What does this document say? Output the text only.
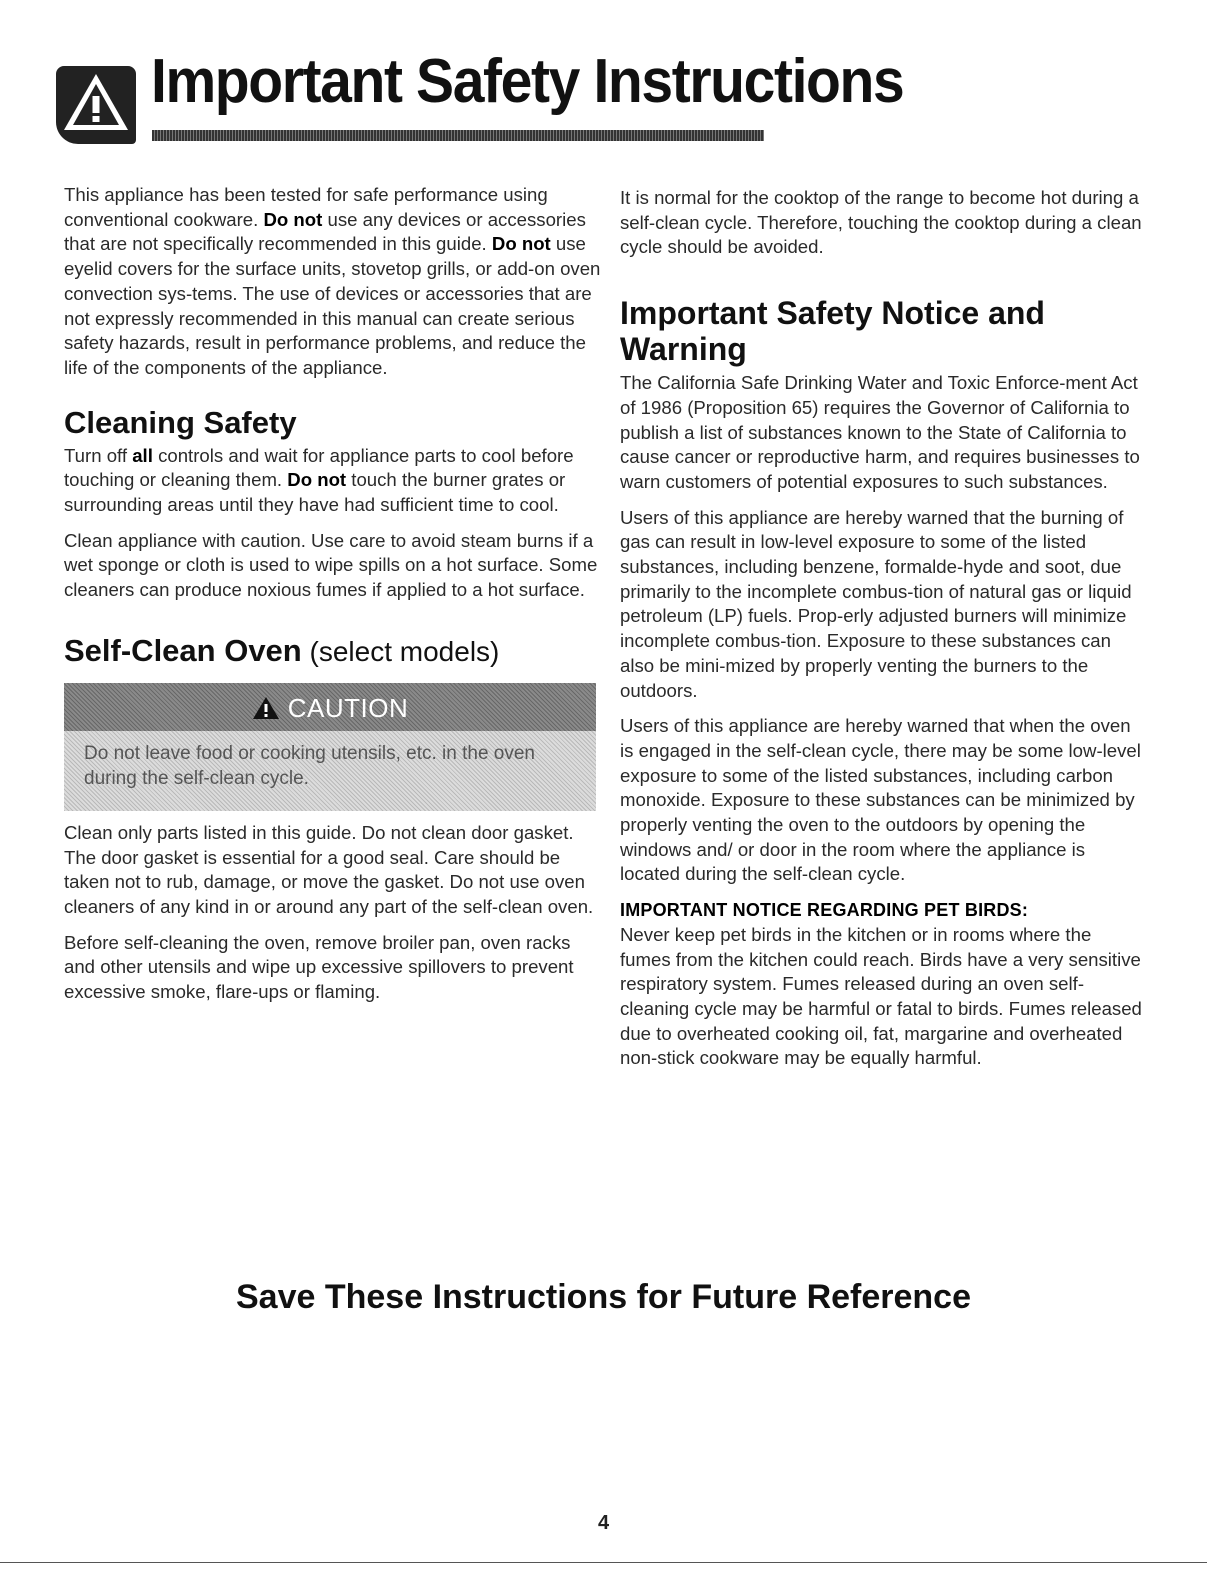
Important Safety Instructions

This appliance has been tested for safe performance using conventional cookware. Do not use any devices or accessories that are not specifically recommended in this guide. Do not use eyelid covers for the surface units, stovetop grills, or add-on oven convection sys-tems. The use of devices or accessories that are not expressly recommended in this manual can create serious safety hazards, result in performance problems, and reduce the life of the components of the appliance.

Cleaning Safety

Turn off all controls and wait for appliance parts to cool before touching or cleaning them. Do not touch the burner grates or surrounding areas until they have had sufficient time to cool.

Clean appliance with caution. Use care to avoid steam burns if a wet sponge or cloth is used to wipe spills on a hot surface. Some cleaners can produce noxious fumes if applied to a hot surface.

Self-Clean Oven (select models)
CAUTION
Do not leave food or cooking utensils, etc. in the oven during the self-clean cycle.

Clean only parts listed in this guide. Do not clean door gasket. The door gasket is essential for a good seal. Care should be taken not to rub, damage, or move the gasket. Do not use oven cleaners of any kind in or around any part of the self-clean oven.

Before self-cleaning the oven, remove broiler pan, oven racks and other utensils and wipe up excessive spillovers to prevent excessive smoke, flare-ups or flaming.

It is normal for the cooktop of the range to become hot during a self-clean cycle. Therefore, touching the cooktop during a clean cycle should be avoided.

Important Safety Notice and Warning

The California Safe Drinking Water and Toxic Enforce-ment Act of 1986 (Proposition 65) requires the Governor of California to publish a list of substances known to the State of California to cause cancer or reproductive harm, and requires businesses to warn customers of potential exposures to such substances.

Users of this appliance are hereby warned that the burning of gas can result in low-level exposure to some of the listed substances, including benzene, formalde-hyde and soot, due primarily to the incomplete combus-tion of natural gas or liquid petroleum (LP) fuels. Prop-erly adjusted burners will minimize incomplete combus-tion. Exposure to these substances can also be mini-mized by properly venting the burners to the outdoors.

Users of this appliance are hereby warned that when the oven is engaged in the self-clean cycle, there may be some low-level exposure to some of the listed substances, including carbon monoxide. Exposure to these substances can be minimized by properly venting the oven to the outdoors by opening the windows and/ or door in the room where the appliance is located during the self-clean cycle.

IMPORTANT NOTICE REGARDING PET BIRDS:
Never keep pet birds in the kitchen or in rooms where the fumes from the kitchen could reach. Birds have a very sensitive respiratory system. Fumes released during an oven self-cleaning cycle may be harmful or fatal to birds. Fumes released due to overheated cooking oil, fat, margarine and overheated non-stick cookware may be equally harmful.

Save These Instructions for Future Reference
4
